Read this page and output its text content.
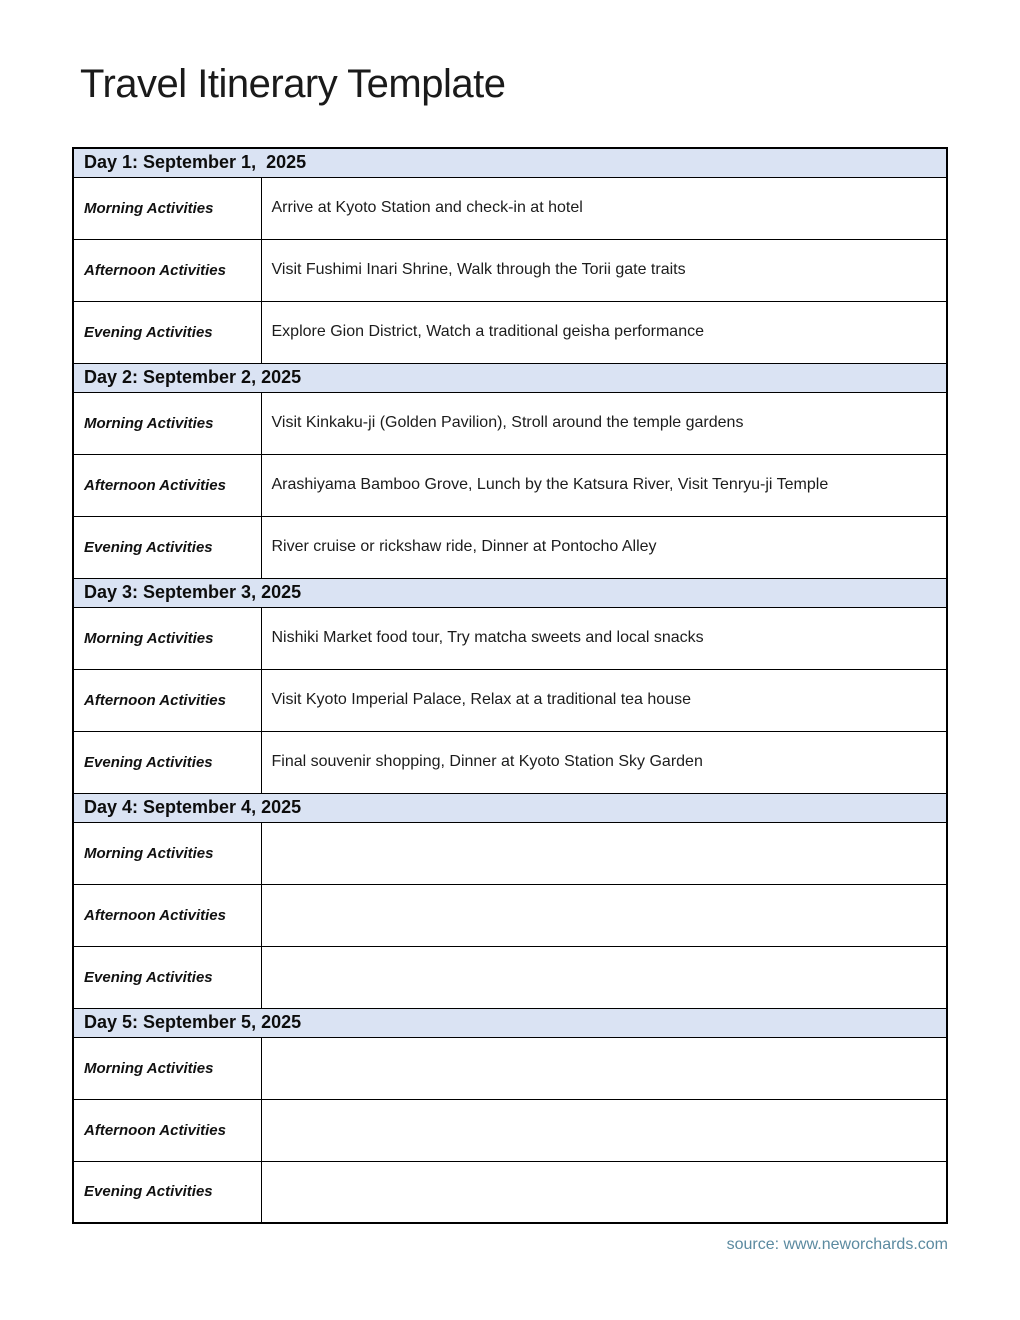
Travel Itinerary Template
Day 1: September 1,  2025	
Morning Activities	Arrive at Kyoto Station and check-in at hotel
Afternoon Activities	Visit Fushimi Inari Shrine, Walk through the Torii gate traits
Evening Activities	Explore Gion District, Watch a traditional geisha performance
Day 2: September 2, 2025	
Morning Activities	Visit Kinkaku-ji (Golden Pavilion), Stroll around the temple gardens
Afternoon Activities	Arashiyama Bamboo Grove, Lunch by the Katsura River, Visit Tenryu-ji Temple
Evening Activities	River cruise or rickshaw ride, Dinner at Pontocho Alley
Day 3: September 3, 2025	
Morning Activities	Nishiki Market food tour, Try matcha sweets and local snacks
Afternoon Activities	Visit Kyoto Imperial Palace, Relax at a traditional tea house
Evening Activities	Final souvenir shopping, Dinner at Kyoto Station Sky Garden
Day 4: September 4, 2025	
Morning Activities	
Afternoon Activities	
Evening Activities	
Day 5: September 5, 2025	
Morning Activities	
Afternoon Activities	
Evening Activities	
source: www.neworchards.com
